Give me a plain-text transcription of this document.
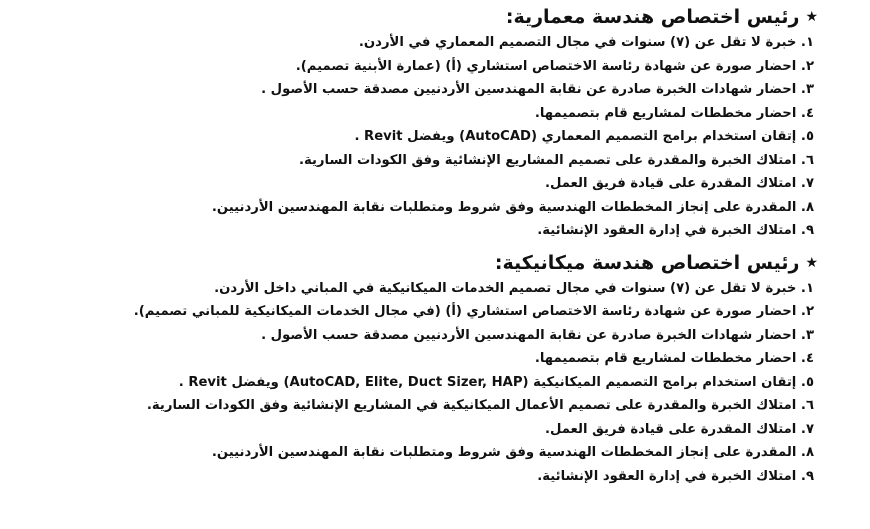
★
رئيس اختصاص هندسة معمارية:
١. خبرة لا تقل عن (٧) سنوات في مجال التصميم المعماري في الأردن.
٢. احضار صورة عن شهادة رئاسة الاختصاص استشاري (أ) (عمارة الأبنية تصميم).
٣. احضار شهادات الخبرة صادرة عن نقابة المهندسين الأردنيين مصدقة حسب الأصول .
٤. احضار مخططات لمشاريع قام بتصميمها.
٥. إتقان استخدام برامج التصميم المعماري (AutoCAD) ويفضل Revit .
٦. امتلاك الخبرة والمقدرة على تصميم المشاريع الإنشائية وفق الكودات السارية.
٧. امتلاك المقدرة على قيادة فريق العمل.
٨. المقدرة على إنجاز المخططات الهندسية وفق شروط ومتطلبات نقابة المهندسين الأردنيين.
٩. امتلاك الخبرة في إدارة العقود الإنشائية.
★
رئيس اختصاص هندسة ميكانيكية:
١. خبرة لا تقل عن (٧) سنوات في مجال تصميم الخدمات الميكانيكية في المباني داخل الأردن.
٢. احضار صورة عن شهادة رئاسة الاختصاص استشاري (أ) (في مجال الخدمات الميكانيكية للمباني تصميم).
٣. احضار شهادات الخبرة صادرة عن نقابة المهندسين الأردنيين مصدقة حسب الأصول .
٤. احضار مخططات لمشاريع قام بتصميمها.
٥. إتقان استخدام برامج التصميم الميكانيكية (AutoCAD, Elite, Duct Sizer, HAP) ويفضل Revit .
٦. امتلاك الخبرة والمقدرة على تصميم الأعمال الميكانيكية في المشاريع الإنشائية وفق الكودات السارية.
٧. امتلاك المقدرة على قيادة فريق العمل.
٨. المقدرة على إنجاز المخططات الهندسية وفق شروط ومتطلبات نقابة المهندسين الأردنيين.
٩. امتلاك الخبرة في إدارة العقود الإنشائية.
